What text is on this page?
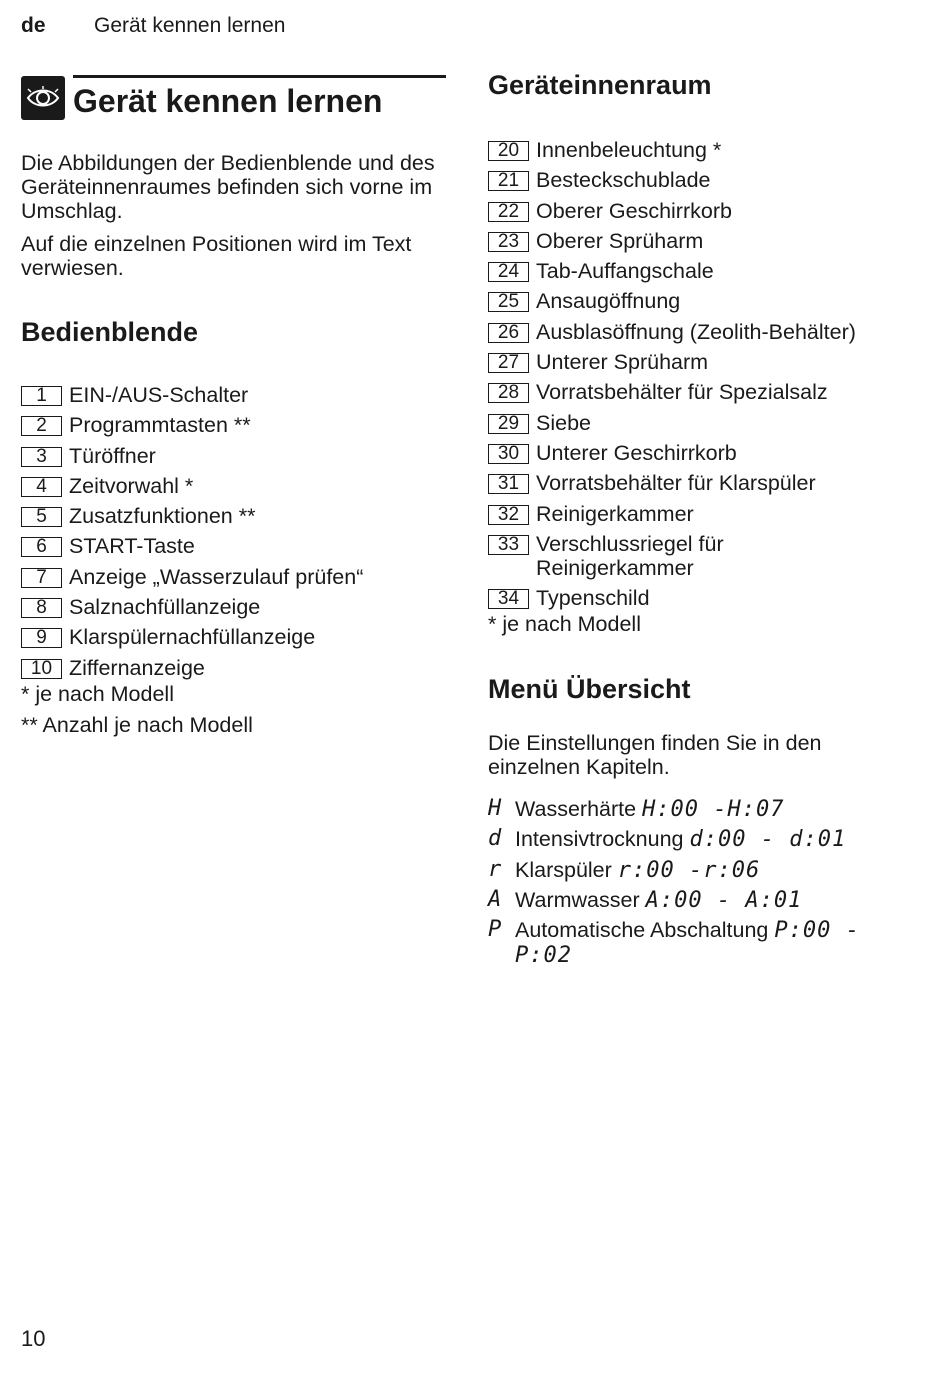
de Gerät kennen lernen
Gerät kennen lernen

Die Abbildungen der Bedienblende und des Geräteinnenraumes befinden sich vorne im Umschlag.

Auf die einzelnen Positionen wird im Text verwiesen.

Bedienblende
1 EIN-/AUS-Schalter
2 Programmtasten **
3 Türöffner
4 Zeitvorwahl *
5 Zusatzfunktionen **
6 START-Taste
7 Anzeige „Wasserzulauf prüfen“
8 Salznachfüllanzeige
9 Klarspülernachfüllanzeige
10 Ziffernanzeige

* je nach Modell

** Anzahl je nach Modell

10
Geräteinnenraum
20 Innenbeleuchtung *
21 Besteckschublade
22 Oberer Geschirrkorb
23 Oberer Sprüharm
24 Tab-Auffangschale
25 Ansaugöffnung
26 Ausblasöffnung (Zeolith-Behälter)
27 Unterer Sprüharm
28 Vorratsbehälter für Spezialsalz
29 Siebe
30 Unterer Geschirrkorb
31 Vorratsbehälter für Klarspüler
32 Reinigerkammer
33 Verschlussriegel für Reinigerkammer
34 Typenschild

* je nach Modell

Menü Übersicht

Die Einstellungen finden Sie in den einzelnen Kapiteln.

H Wasserhärte H:00 -H:07
d Intensivtrocknung d:00 - d:01
r Klarspüler r:00 -r:06
A Warmwasser A:00 - A:01
P Automatische Abschaltung P:00 - P:02
